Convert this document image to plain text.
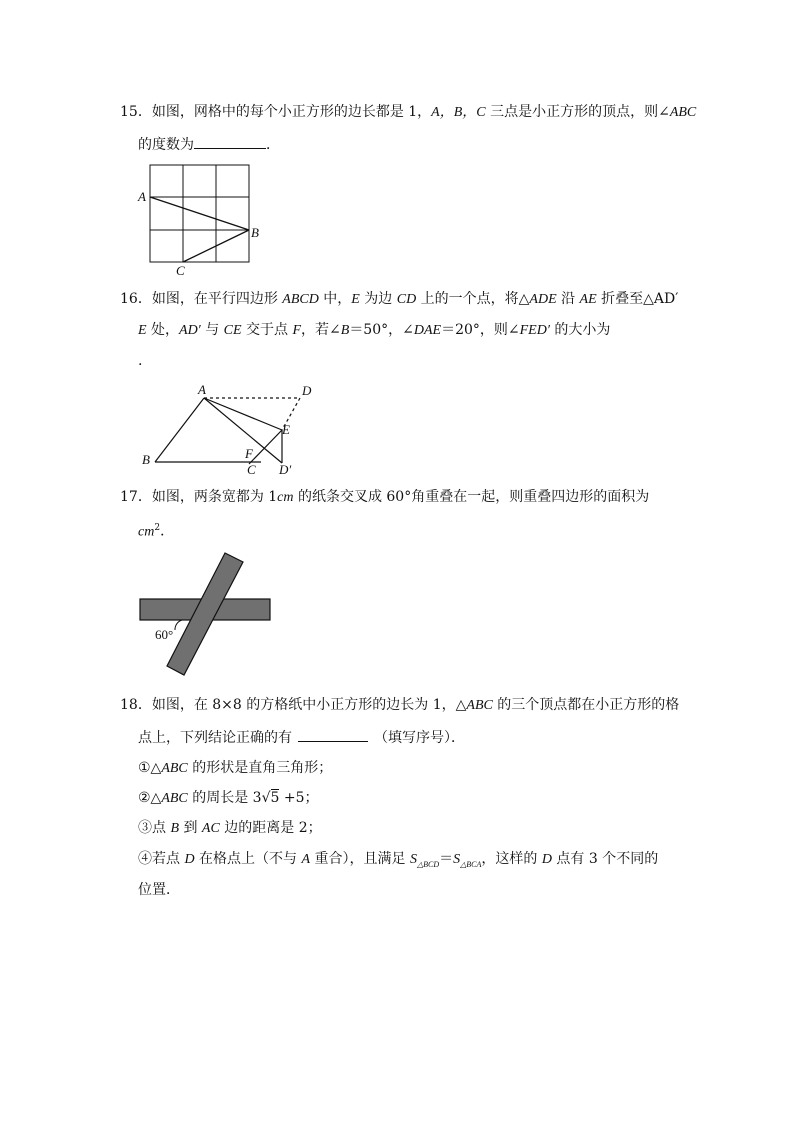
15．如图，网格中的每个小正方形的边长都是 1，A，B，C 三点是小正方形的顶点，则∠ABC
的度数为	．
A
B
C
16．如图，在平行四边形 ABCD 中，E 为边 CD 上的一个点，将△ADE 沿 AE 折叠至△AD′
E 处，AD′ 与 CE 交于点 F，若∠B＝50°，∠DAE＝20°，则∠FED′ 的大小为
.
A	D
E
B	F
C D′
17．如图，两条宽都为 1cm 的纸条交叉成 60°角重叠在一起，则重叠四边形的面积为
$cm^2$．
60°
18．如图，在 8×8 的方格纸中小正方形的边长为 1，△ABC 的三个顶点都在小正方形的格
点上，下列结论正确的有	（填写序号）．
①△ABC 的形状是直角三角形；
②△ABC 的周长是 3√5 +5；
③点 B 到 AC 边的距离是 2；
④若点 D 在格点上（不与 A 重合），且满足 $S_{\triangle BCD}=S_{\triangle BCA}$，这样的 D 点有 3 个不同的
位置．
